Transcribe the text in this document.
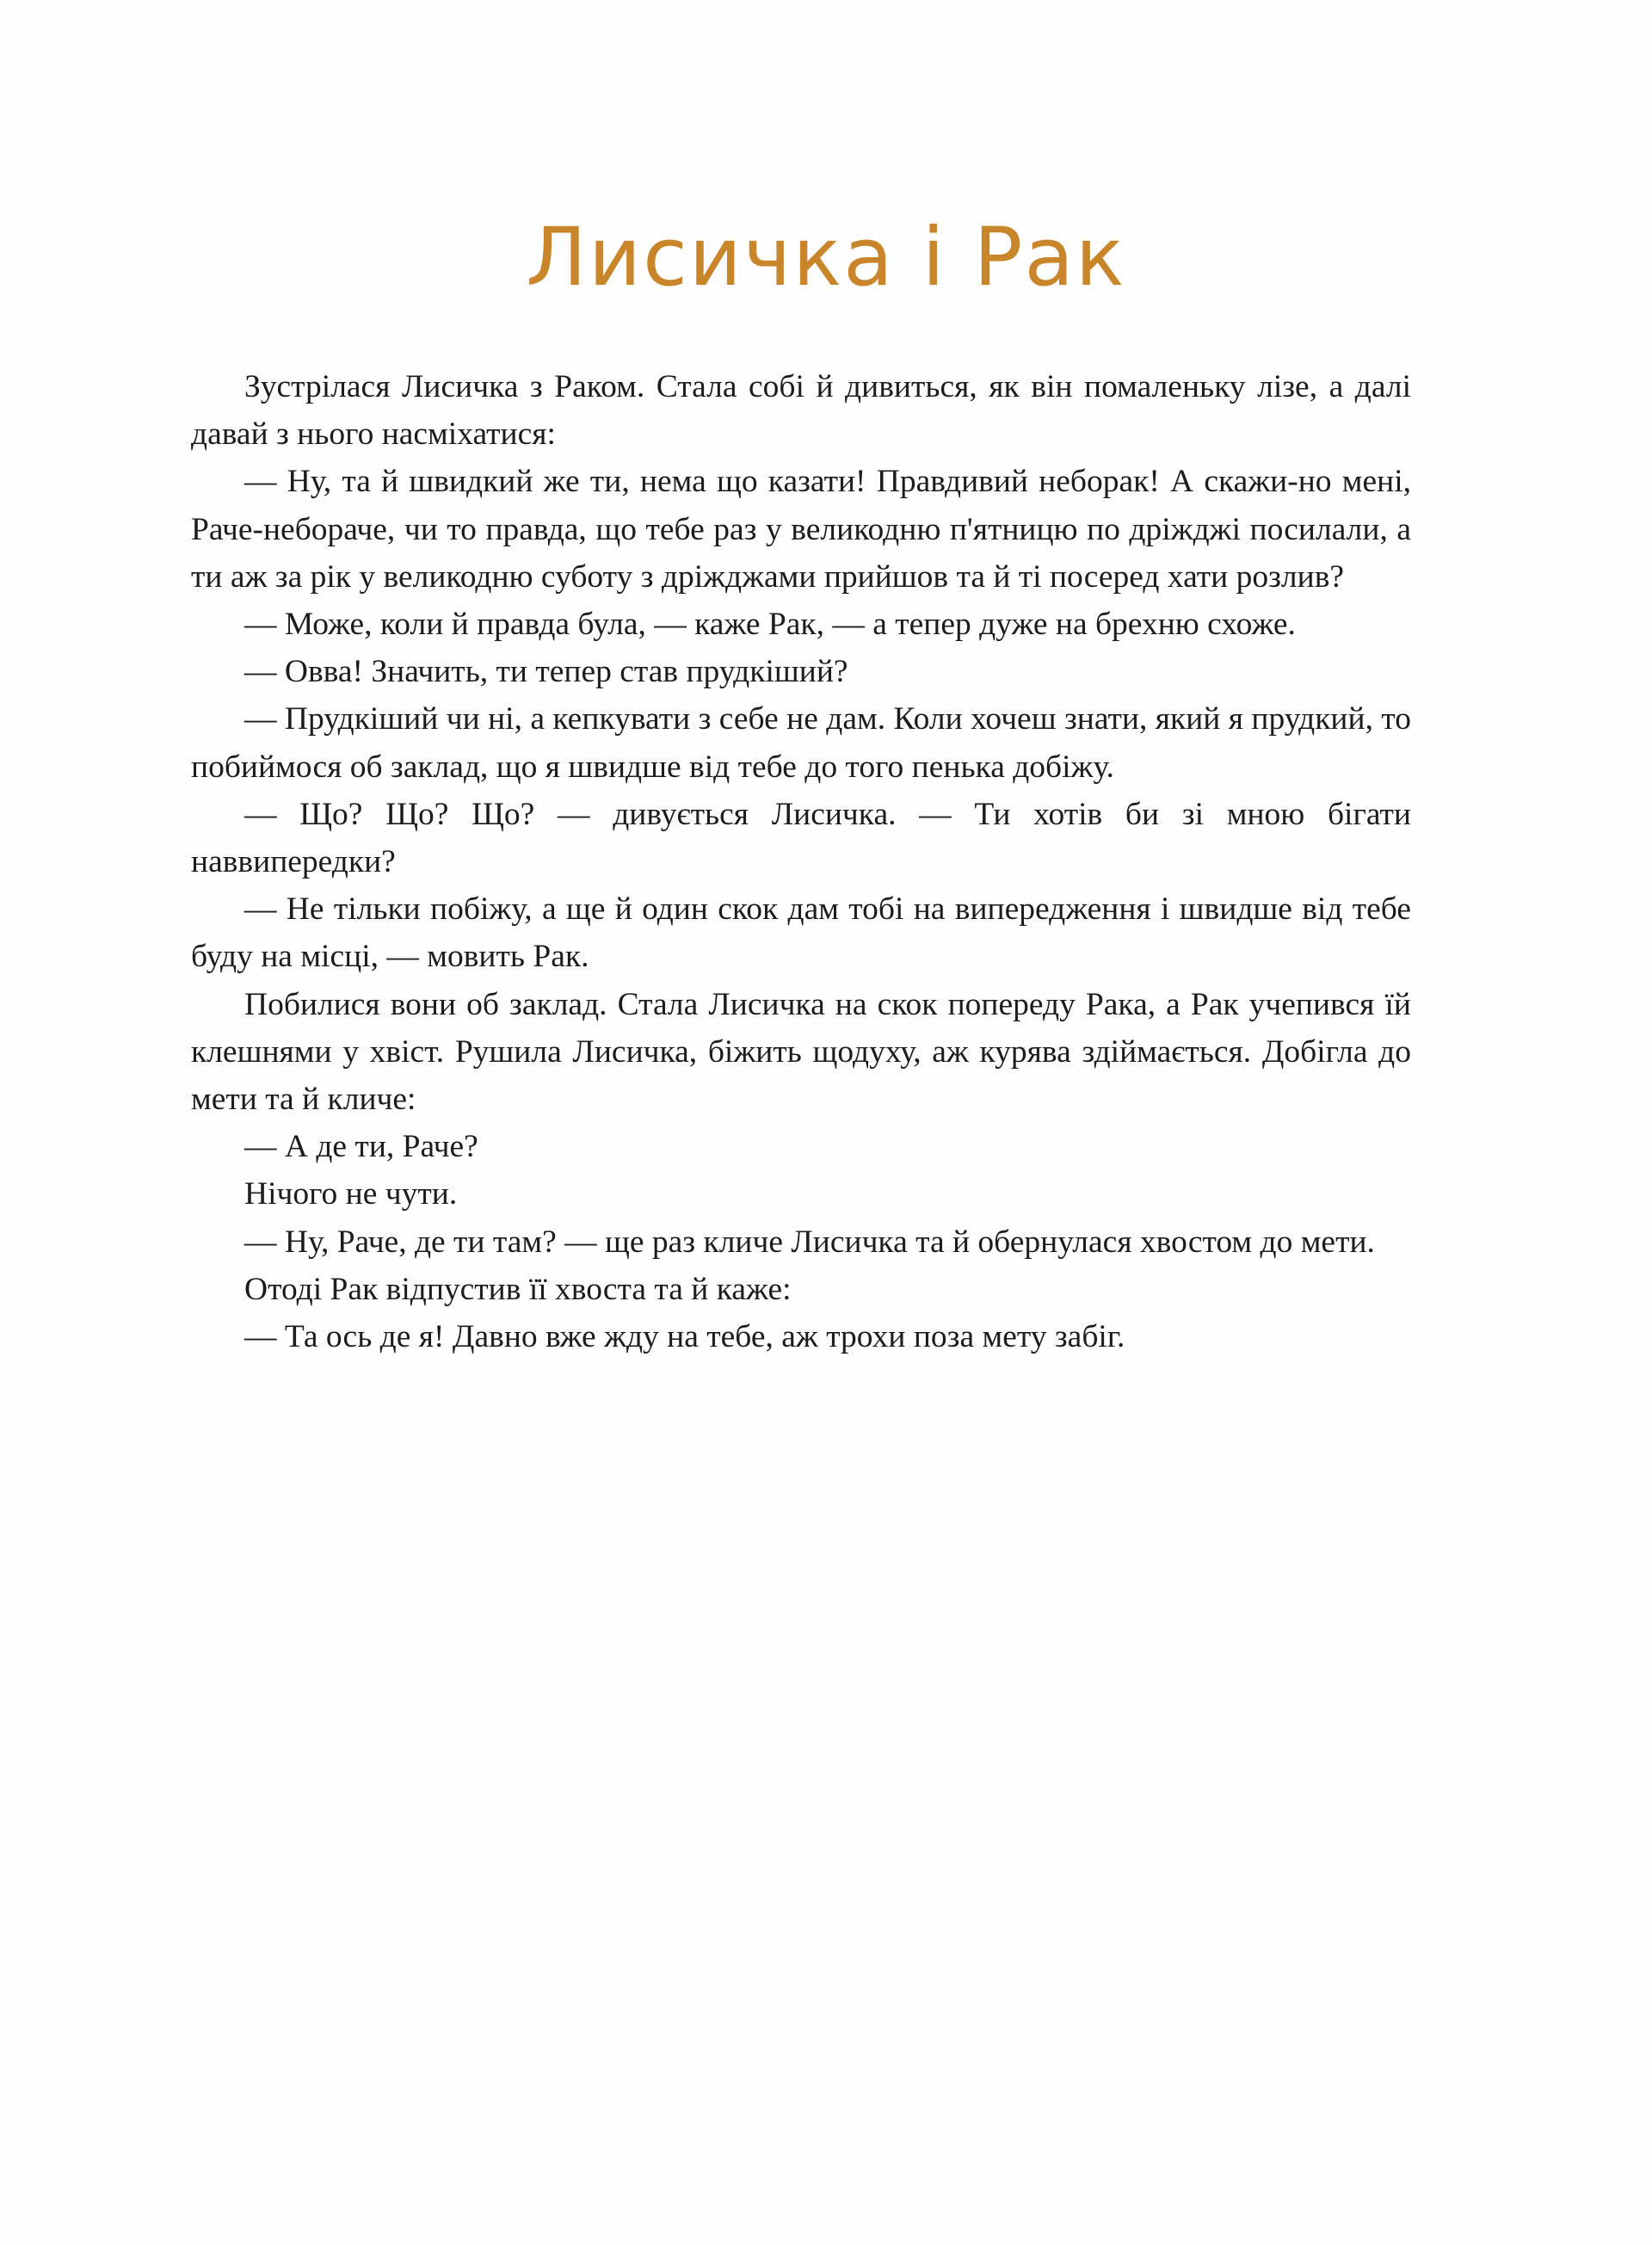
Лисичка і Рак

Зустрілася Лисичка з Раком. Стала собі й дивиться, як він помаленьку лізе, а далі давай з нього насміхатися:

— Ну, та й швидкий же ти, нема що казати! Правдивий неборак! А скажи-но мені, Раче-небораче, чи то правда, що тебе раз у великодню п'ятницю по дріжджі посилали, а ти аж за рік у великодню суботу з дріжджами прийшов та й ті посеред хати розлив?

— Може, коли й правда була, — каже Рак, — а тепер дуже на брехню схоже.

— Овва! Значить, ти тепер став прудкіший?

— Прудкіший чи ні, а кепкувати з себе не дам. Коли хочеш знати, який я прудкий, то побиймося об заклад, що я швидше від тебе до того пенька добіжу.

— Що? Що? Що? — дивується Лисичка. — Ти хотів би зі мною бігати наввипередки?

— Не тільки побіжу, а ще й один скок дам тобі на випередження і швидше від тебе буду на місці, — мовить Рак.

Побилися вони об заклад. Стала Лисичка на скок попереду Рака, а Рак учепився їй клешнями у хвіст. Рушила Лисичка, біжить щодуху, аж курява здіймається. Добігла до мети та й кличе:

— А де ти, Раче?

Нічого не чути.

— Ну, Раче, де ти там? — ще раз кличе Лисичка та й обернулася хвостом до мети.

Отоді Рак відпустив її хвоста та й каже:

— Та ось де я! Давно вже жду на тебе, аж трохи поза мету забіг.
